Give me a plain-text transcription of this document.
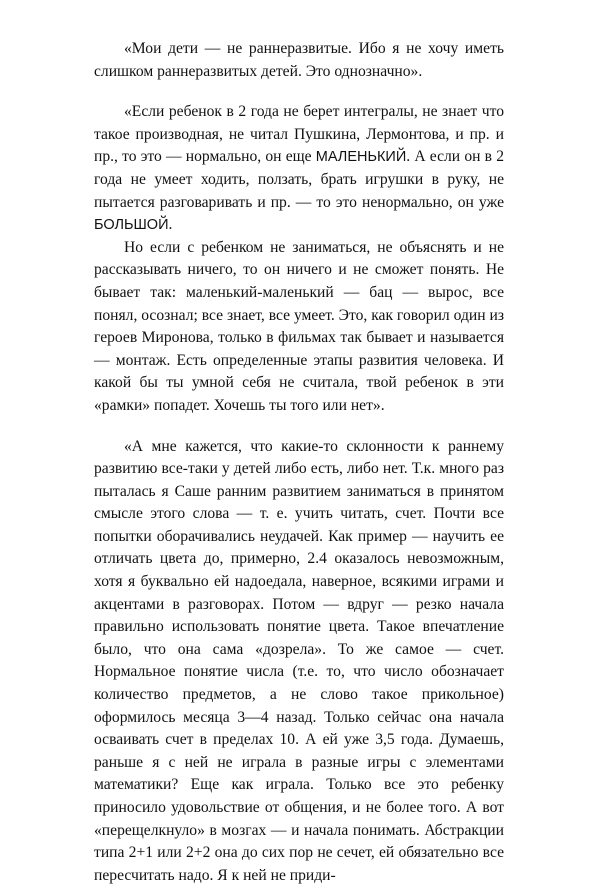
«Мои дети — не раннеразвитые. Ибо я не хочу иметь слишком раннеразвитых детей. Это однозначно».

«Если ребенок в 2 года не берет интегралы, не знает что такое производная, не читал Пушкина, Лермонтова, и пр. и пр., то это — нормально, он еще МАЛЕНЬКИЙ. А если он в 2 года не умеет ходить, ползать, брать игрушки в руку, не пытается разговаривать и пр. — то это ненормально, он уже БОЛЬШОЙ.

Но если с ребенком не заниматься, не объяснять и не рассказывать ничего, то он ничего и не сможет понять. Не бывает так: маленький-маленький — бац — вырос, все понял, осознал; все знает, все умеет. Это, как говорил один из героев Миронова, только в фильмах так бывает и называется — монтаж. Есть определенные этапы развития человека. И какой бы ты умной себя не считала, твой ребенок в эти «рамки» попадет. Хочешь ты того или нет».

«А мне кажется, что какие-то склонности к раннему развитию все-таки у детей либо есть, либо нет. Т.к. много раз пыталась я Саше ранним развитием заниматься в принятом смысле этого слова — т. е. учить читать, счет. Почти все попытки оборачивались неудачей. Как пример — научить ее отличать цвета до, примерно, 2.4 оказалось невозможным, хотя я буквально ей надоедала, наверное, всякими играми и акцентами в разговорах. Потом — вдруг — резко начала правильно использовать понятие цвета. Такое впечатление было, что она сама «дозрела». То же самое — счет. Нормальное понятие числа (т.е. то, что число обозначает количество предметов, а не слово такое прикольное) оформилось месяца 3—4 назад. Только сейчас она начала осваивать счет в пределах 10. А ей уже 3,5 года. Думаешь, раньше я с ней не играла в разные игры с элементами математики? Еще как играла. Только все это ребенку приносило удовольствие от общения, и не более того. А вот «перещелкнуло» в мозгах — и начала понимать. Абстракции типа 2+1 или 2+2 она до сих пор не сечет, ей обязательно все пересчитать надо. Я к ней не приди-
